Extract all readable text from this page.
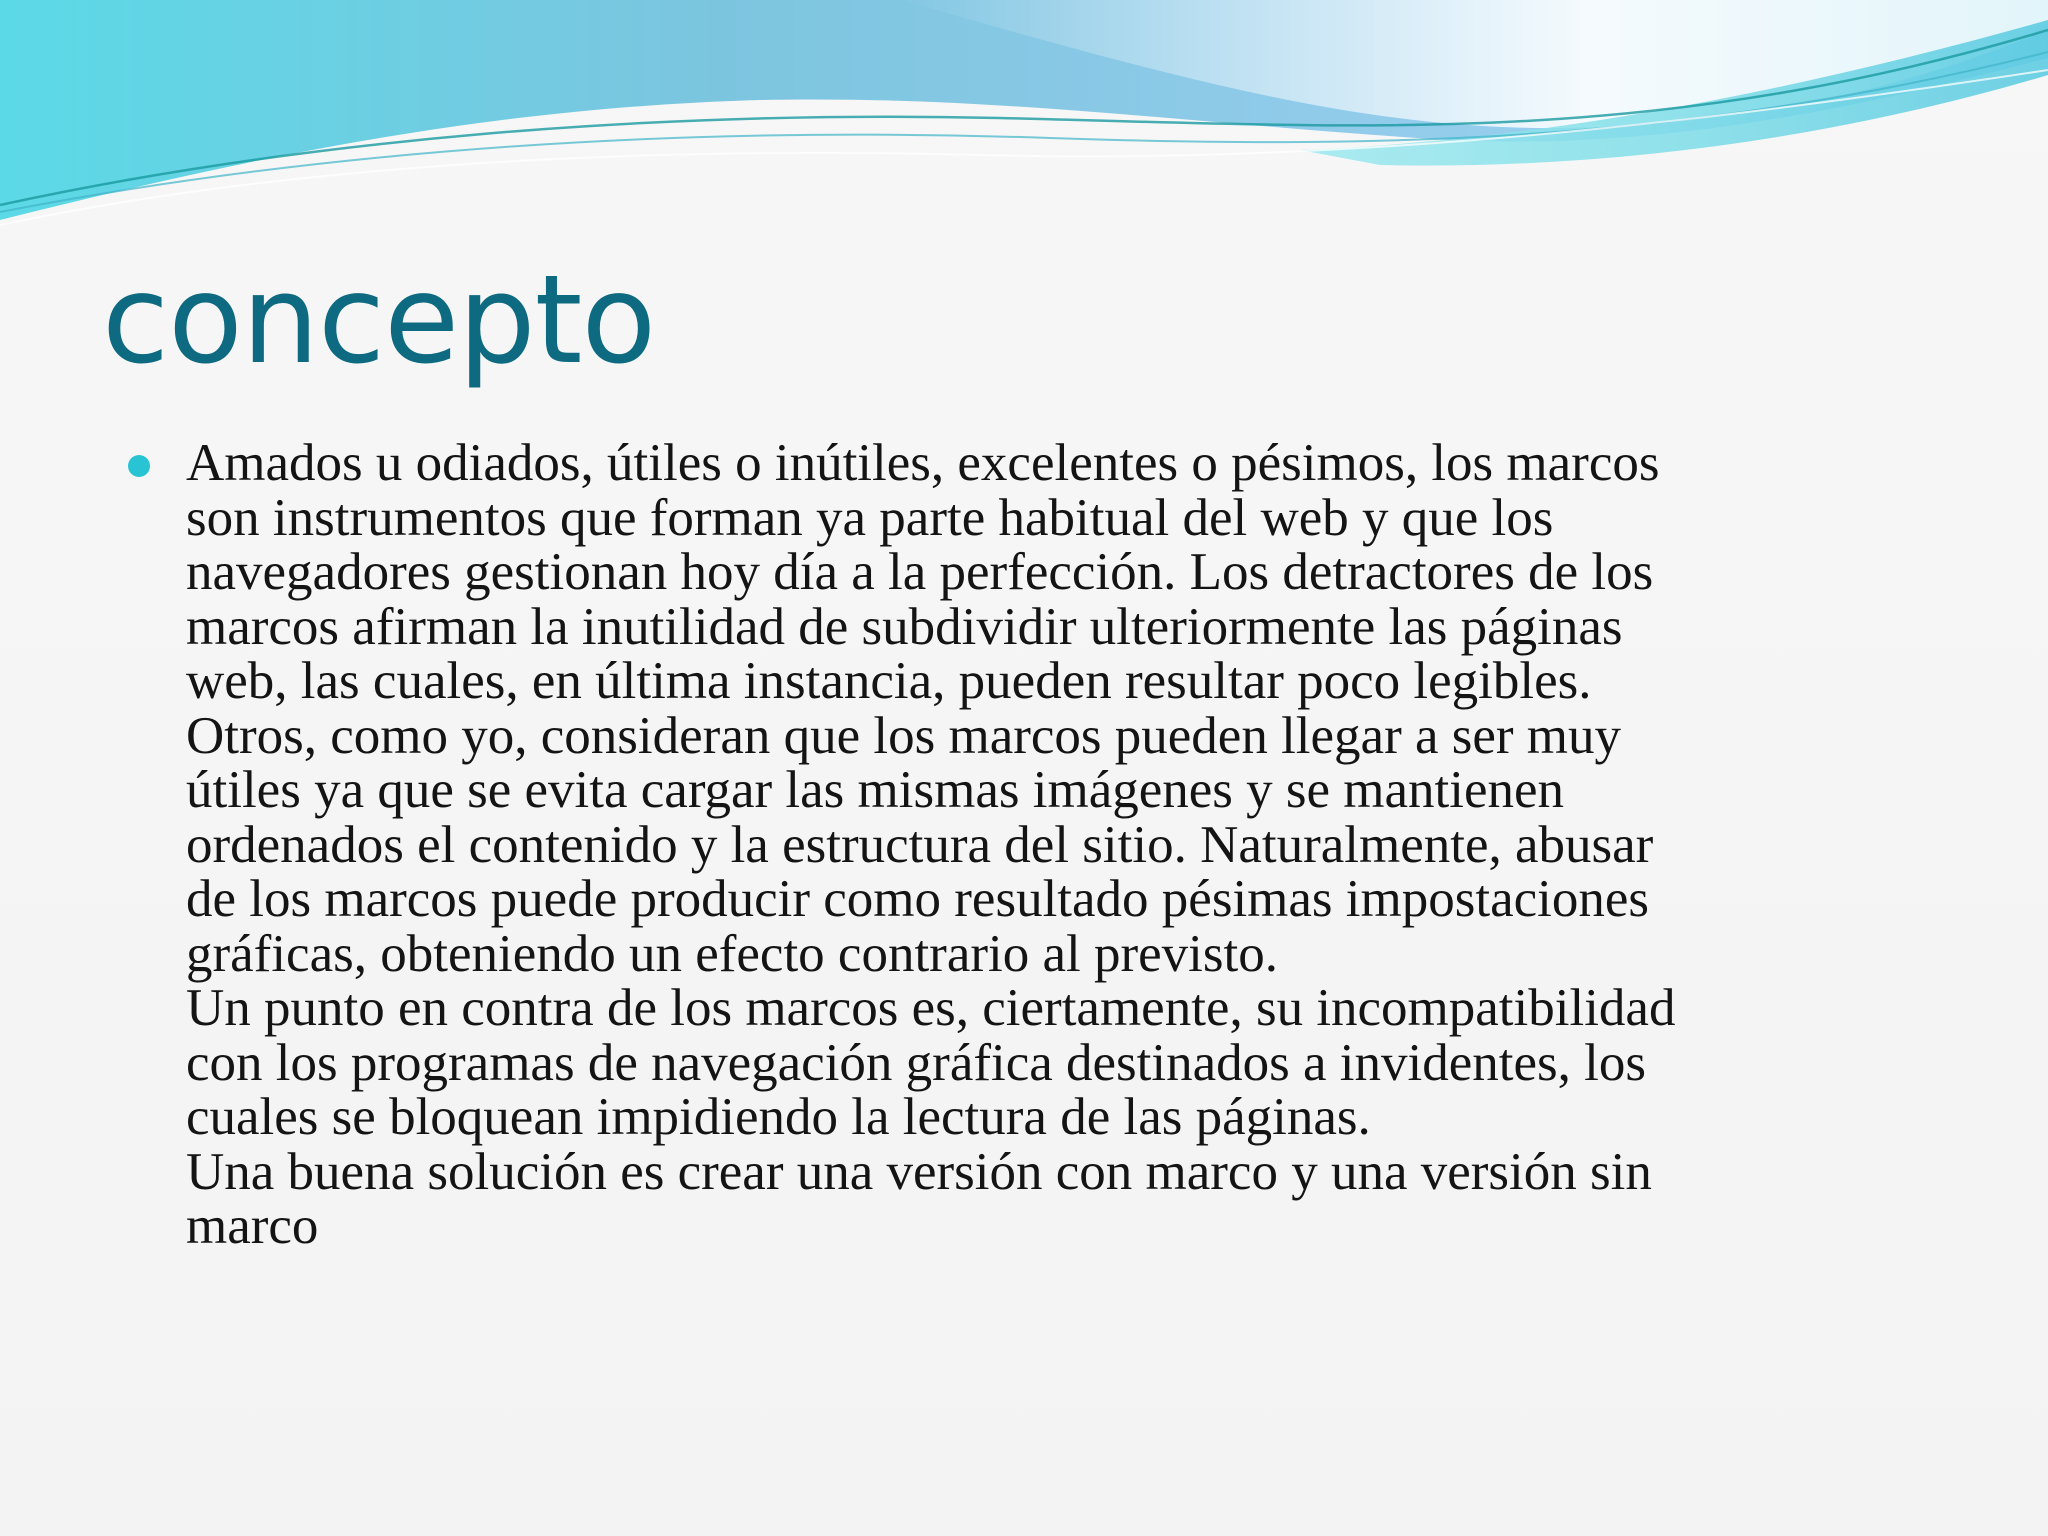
concepto
Amados u odiados, útiles o inútiles, excelentes o pésimos, los marcos
son instrumentos que forman ya parte habitual del web y que los
navegadores gestionan hoy día a la perfección. Los detractores de los
marcos afirman la inutilidad de subdividir ulteriormente las páginas
web, las cuales, en última instancia, pueden resultar poco legibles.
Otros, como yo, consideran que los marcos pueden llegar a ser muy
útiles ya que se evita cargar las mismas imágenes y se mantienen
ordenados el contenido y la estructura del sitio. Naturalmente, abusar
de los marcos puede producir como resultado pésimas impostaciones
gráficas, obteniendo un efecto contrario al previsto.
Un punto en contra de los marcos es, ciertamente, su incompatibilidad
con los programas de navegación gráfica destinados a invidentes, los
cuales se bloquean impidiendo la lectura de las páginas.
Una buena solución es crear una versión con marco y una versión sin
marco
